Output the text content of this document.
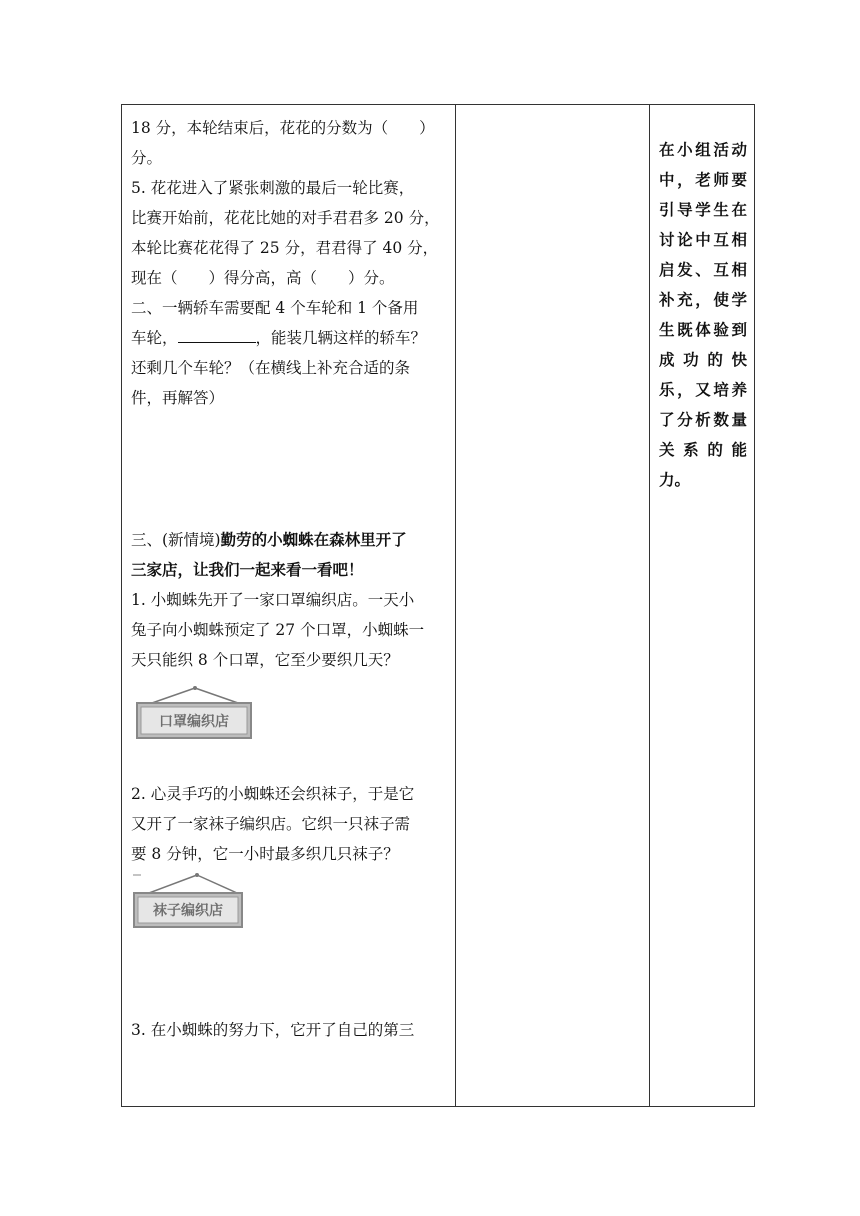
18 分，本轮结束后，花花的分数为（　　）

分。

5. 花花进入了紧张刺激的最后一轮比赛，

比赛开始前，花花比她的对手君君多 20 分，

本轮比赛花花得了 25 分，君君得了 40 分，

现在（　　）得分高，高（　　）分。

二、一辆轿车需要配 4 个车轮和 1 个备用

车轮，	，能装几辆这样的轿车？

还剩几个车轮？（在横线上补充合适的条

件，再解答）

三、(新情境)勤劳的小蜘蛛在森林里开了

三家店，让我们一起来看一看吧！

1. 小蜘蛛先开了一家口罩编织店。一天小

兔子向小蜘蛛预定了 27 个口罩，小蜘蛛一

天只能织 8 个口罩，它至少要织几天？

口罩编织店

2. 心灵手巧的小蜘蛛还会织袜子，于是它

又开了一家袜子编织店。它织一只袜子需

要 8 分钟，它一小时最多织几只袜子？

袜子编织店

3. 在小蜘蛛的努力下，它开了自己的第三

在小组活动
中，老师要
引导学生在
讨论中互相
启发、互相
补充，使学
生既体验到
成 功 的 快
乐，又培养
了分析数量
关 系 的 能
力。
